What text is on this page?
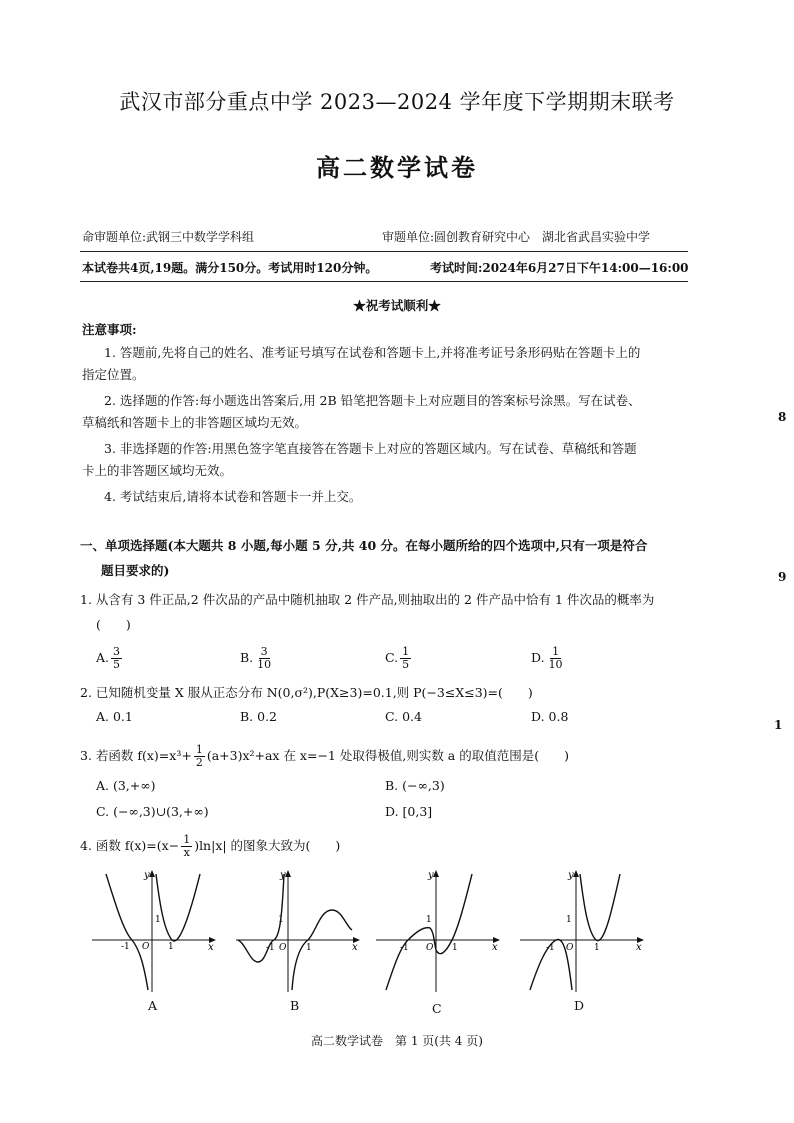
武汉市部分重点中学 2023—2024 学年度下学期期末联考
高二数学试卷
命审题单位:武钢三中数学学科组	审题单位:圆创教育研究中心　湖北省武昌实验中学
本试卷共4页,19题。满分150分。考试用时120分钟。	考试时间:2024年6月27日下午14:00—16:00
★祝考试顺利★
注意事项:
1. 答题前,先将自己的姓名、准考证号填写在试卷和答题卡上,并将准考证号条形码贴在答题卡上的
指定位置。
2. 选择题的作答:每小题选出答案后,用 2B 铅笔把答题卡上对应题目的答案标号涂黑。写在试卷、
草稿纸和答题卡上的非答题区域均无效。
3. 非选择题的作答:用黑色签字笔直接答在答题卡上对应的答题区域内。写在试卷、草稿纸和答题
卡上的非答题区域均无效。
4. 考试结束后,请将本试卷和答题卡一并上交。
一、单项选择题(本大题共 8 小题,每小题 5 分,共 40 分。在每小题所给的四个选项中,只有一项是符合
题目要求的)
1. 从含有 3 件正品,2 件次品的产品中随机抽取 2 件产品,则抽取出的 2 件产品中恰有 1 件次品的概率为
(　　)
A. $\frac{3}{5}$	B. $\frac{3}{10}$	C. $\frac{1}{5}$	D. $\frac{1}{10}$
2. 已知随机变量 X 服从正态分布 N(0,σ²),P(X≥3)=0.1,则 P(−3≤X≤3)=(　　)
A. 0.1	B. 0.2	C. 0.4	D. 0.8
3. 若函数 $f(x)=x^3+ \frac{1}{2} (a+3)x^2+ax$ 在 x=−1 处取得极值,则实数 a 的取值范围是(　　)
A. (3,+∞)	B. (−∞,3)
C. (−∞,3)∪(3,+∞)	D. [0,3]
4. 函数 $f(x)=(x- \frac{1}{x} )\ln|x|$ 的图象大致为(　　)
y
x
1
-1 O 1
A
y
x
1
-1 O 1
B
y
x
1
-1 O 1
C
y
x
1
-1 O 1
D
高二数学试卷　第 1 页(共 4 页)
8
9
1
